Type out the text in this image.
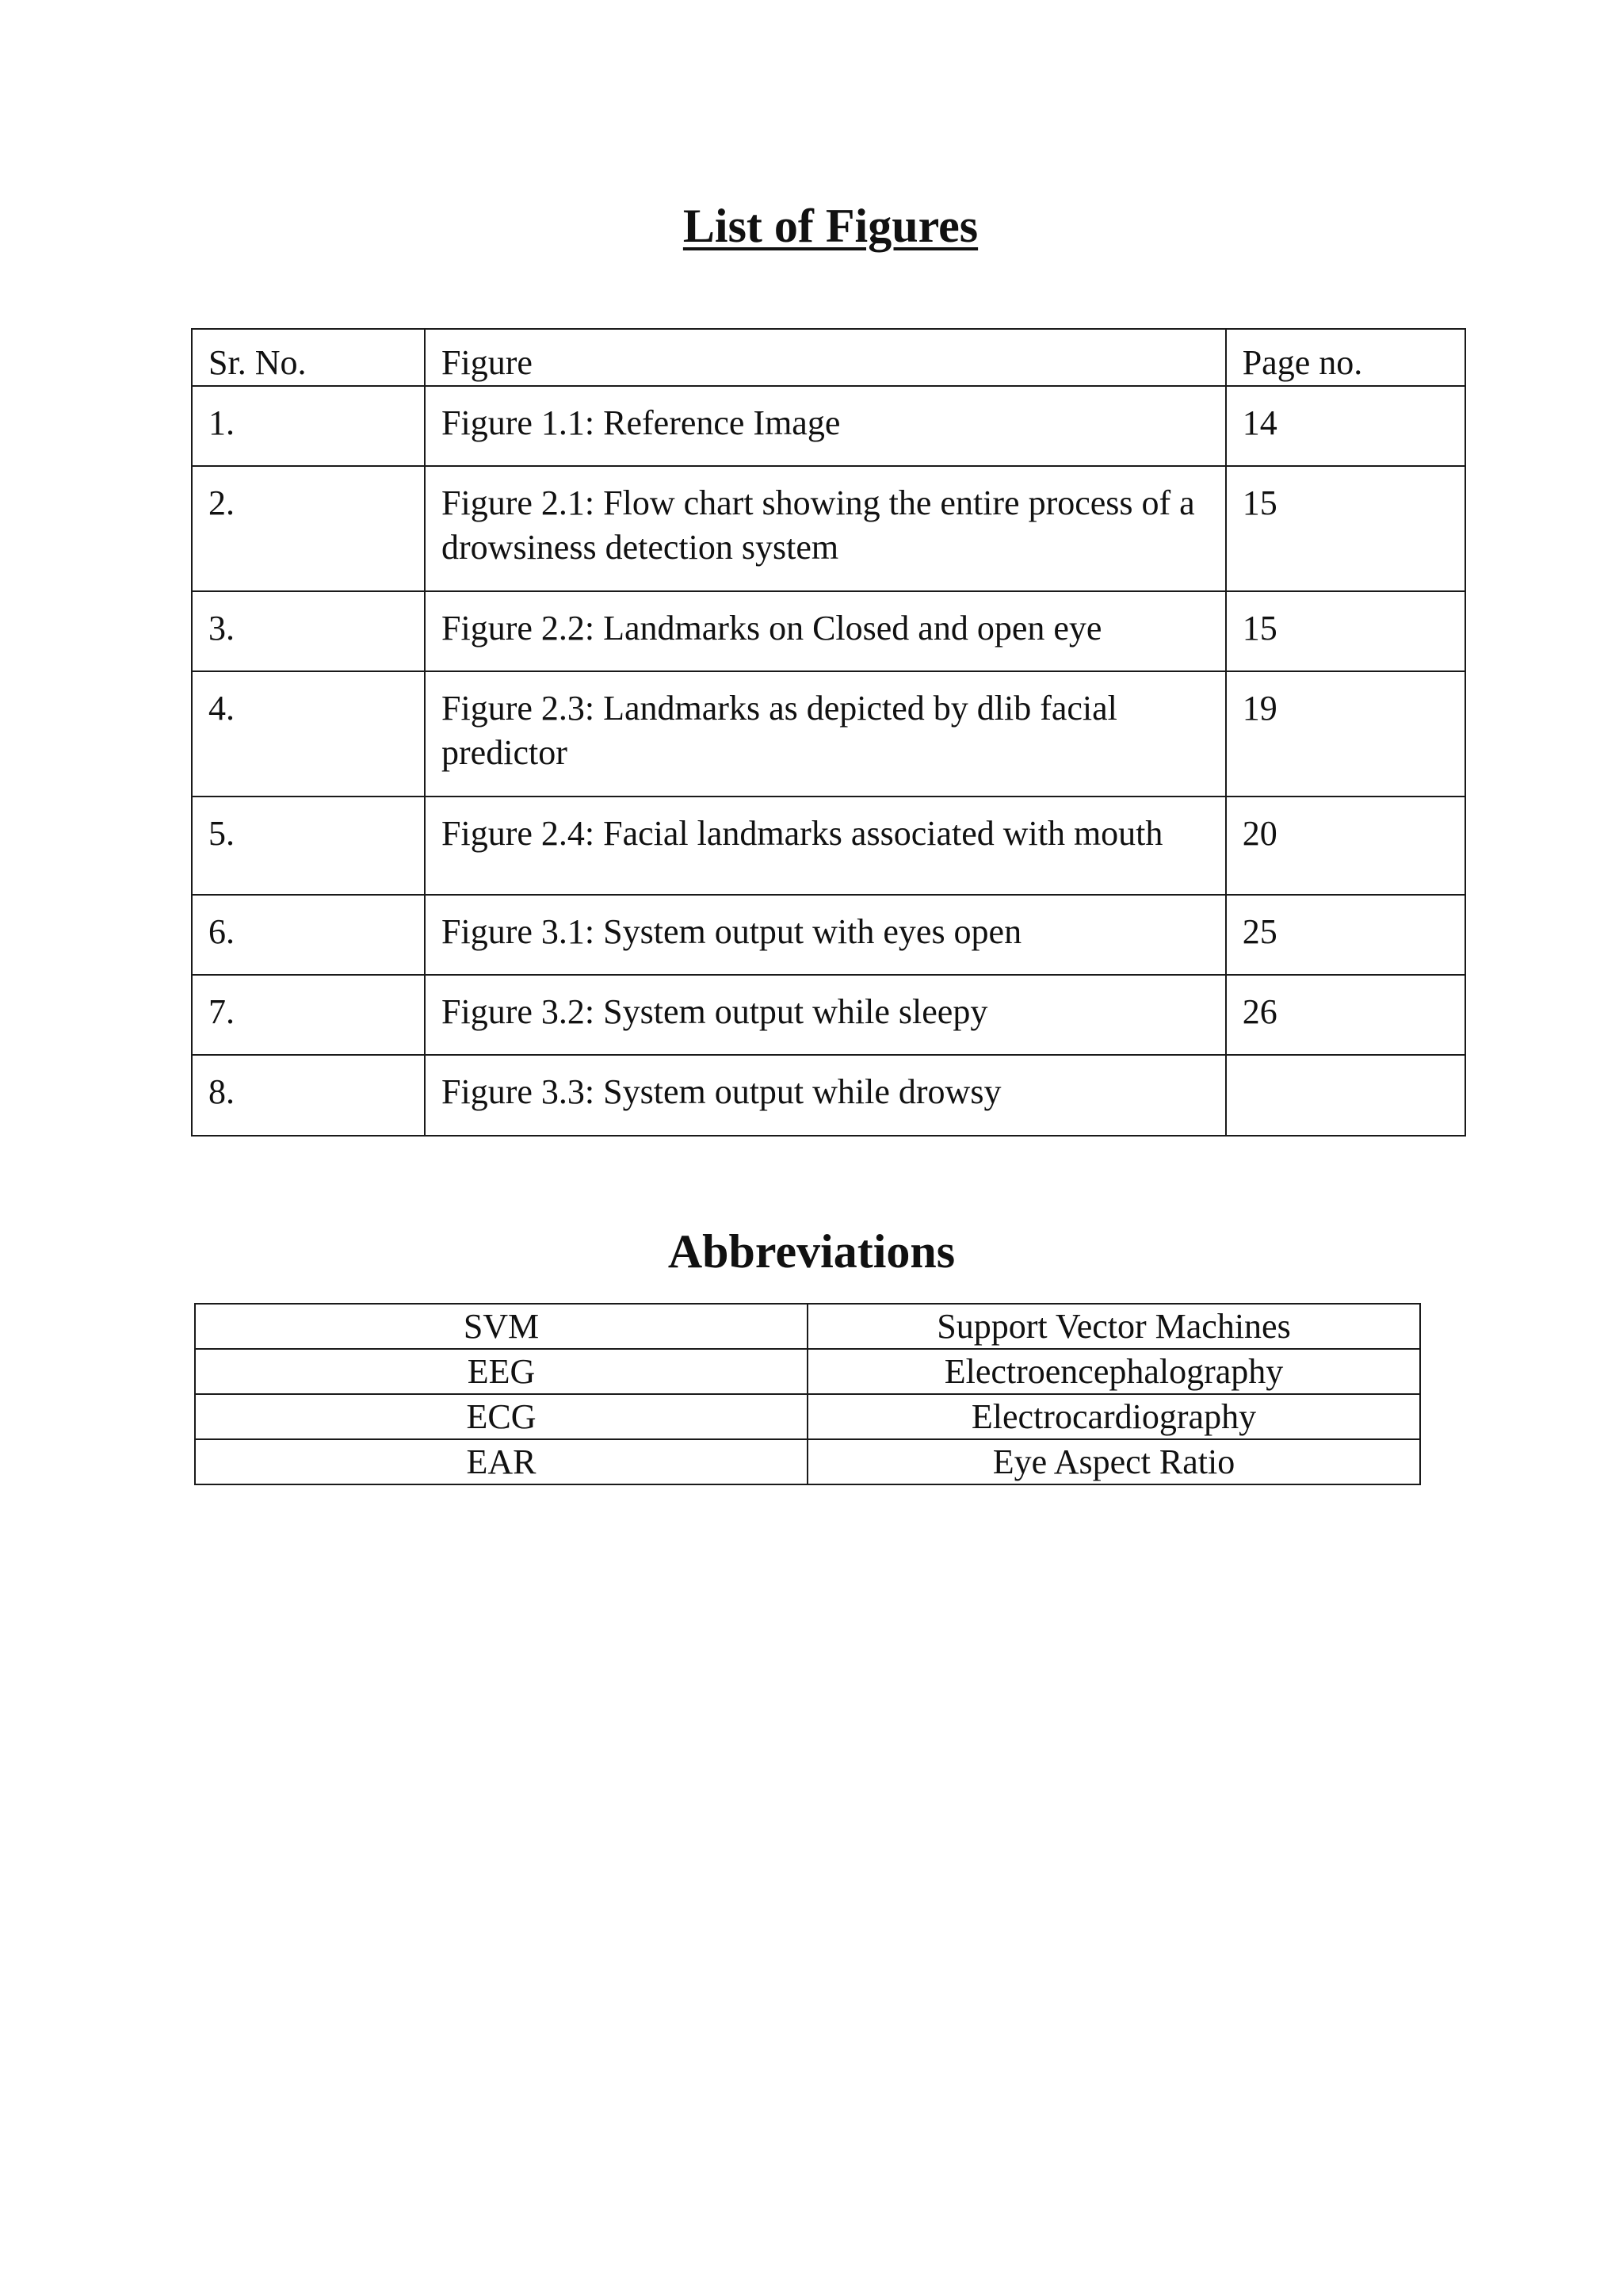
List of Figures
Sr. No.	Figure	Page no.
1.	Figure 1.1: Reference Image	14
2.	Figure 2.1: Flow chart showing the entire process of a drowsiness detection system	15
3.	Figure 2.2: Landmarks on Closed and open eye	15
4.	Figure 2.3: Landmarks as depicted by dlib facial predictor	19
5.	Figure 2.4: Facial landmarks associated with mouth	20
6.	Figure 3.1: System output with eyes open	25
7.	Figure 3.2: System output while sleepy	26
8.	Figure 3.3: System output while drowsy	
Abbreviations
SVM	Support Vector Machines
EEG	Electroencephalography
ECG	Electrocardiography
EAR	Eye Aspect Ratio
